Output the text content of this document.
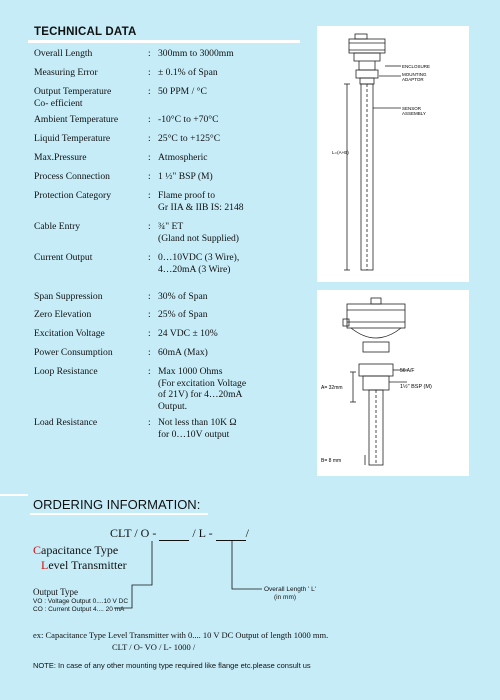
TECHNICAL DATA
Overall Length	: 300mm to 3000mm
Measuring Error	: ± 0.1% of Span
Output Temperature
Co- efficient
: 50 PPM / °C
Ambient Temperature	: -10°C to +70°C
Liquid Temperature	: 25°C to +125°C
Max.Pressure	: Atmospheric
Process Connection	: 1 ½" BSP (M)
Protection Category	: Flame proof to
Gr IIA & IIB IS: 2148
Cable Entry	: ¾" ET
(Gland not Supplied)
Current Output	: 0…10VDC (3 Wire),
4…20mA (3 Wire)
Span Suppression	: 30% of Span
Zero Elevation	: 25% of Span
Excitation Voltage	: 24 VDC ± 10%
Power Consumption	: 60mA (Max)
Loop Resistance	: Max 1000 Ohms
(For excitation Voltage
of 21V) for 4…20mA
Output.
Load Resistance	: Not less than 10K Ω
for 0…10V output
ENCLOSURE
MOUNTING
ADAPTOR
SENSOR
ASSEMBLY
L=(A+B)
56 A/F
1½" BSP (M)
A= 32mm
B= 8 mm
ORDERING INFORMATION:
CLT / O -	/ L -	/
Capacitance Type
Level Transmitter
Output Type
VO : Voltage Output 0....10 V DC
CO : Current Output 4.... 20 mA
Overall Length ' L'
(in mm)
ex: Capacitance Type Level Transmitter with 0.... 10 V DC Output of length 1000 mm.
CLT / O- VO / L- 1000 /
NOTE: In case of any other mounting type required like flange etc.please consult us
